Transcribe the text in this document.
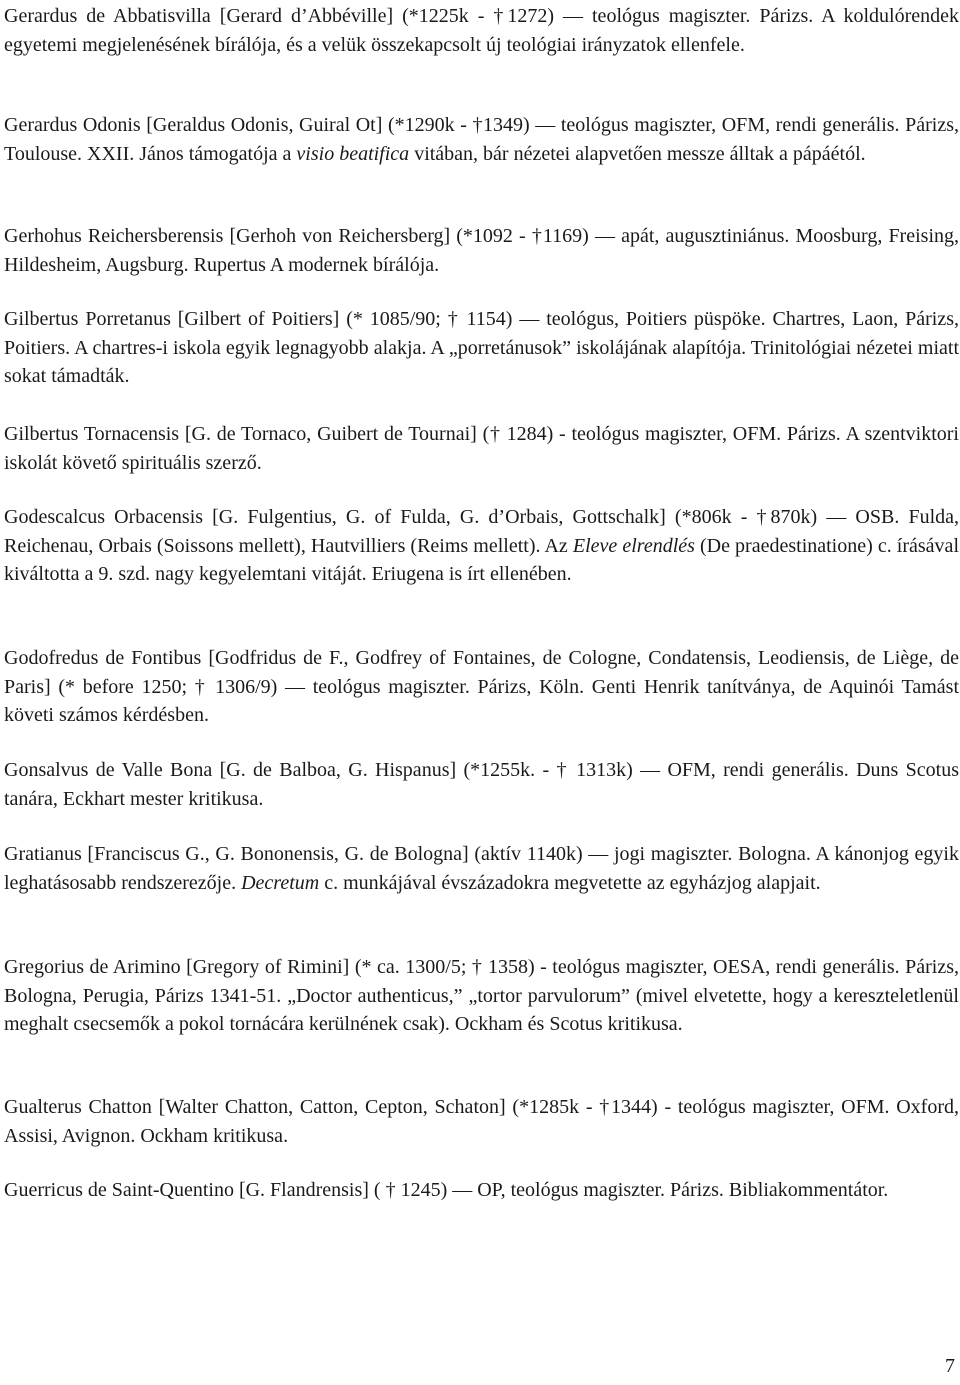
Gerardus de Abbatisvilla [Gerard d’Abbéville] (*1225k - †1272) — teológus magiszter. Párizs. A koldulórendek egyetemi megjelenésének bírálója, és a velük összekapcsolt új teológiai irányzatok ellenfele.

Gerardus Odonis [Geraldus Odonis, Guiral Ot] (*1290k - †1349) — teológus magiszter, OFM, rendi generális. Párizs, Toulouse. XXII. János támogatója a visio beatifica vitában, bár nézetei alapvetően messze álltak a pápáétól.

Gerhohus Reichersberensis [Gerhoh von Reichersberg] (*1092 - †1169) — apát, augusztiniánus. Moosburg, Freising, Hildesheim, Augsburg. Rupertus A modernek bírálója.

Gilbertus Porretanus [Gilbert of Poitiers] (* 1085/90; † 1154) — teológus, Poitiers püspöke. Chartres, Laon, Párizs, Poitiers. A chartres-i iskola egyik legnagyobb alakja. A „porretánusok” iskolájának alapítója. Trinitológiai nézetei miatt sokat támadták.

Gilbertus Tornacensis [G. de Tornaco, Guibert de Tournai] († 1284) - teológus magiszter, OFM. Párizs. A szentviktori iskolát követő spirituális szerző.

Godescalcus Orbacensis [G. Fulgentius, G. of Fulda, G. d’Orbais, Gottschalk] (*806k - †870k) — OSB. Fulda, Reichenau, Orbais (Soissons mellett), Hautvilliers (Reims mellett). Az Eleve elrendlés (De praedestinatione) c. írásával kiváltotta a 9. szd. nagy kegyelemtani vitáját. Eriugena is írt ellenében.

Godofredus de Fontibus [Godfridus de F., Godfrey of Fontaines, de Cologne, Condatensis, Leodiensis, de Liège, de Paris] (* before 1250; † 1306/9) — teológus magiszter. Párizs, Köln. Genti Henrik tanítványa, de Aquinói Tamást követi számos kérdésben.

Gonsalvus de Valle Bona [G. de Balboa, G. Hispanus] (*1255k. - † 1313k) — OFM, rendi generális. Duns Scotus tanára, Eckhart mester kritikusa.

Gratianus [Franciscus G., G. Bononensis, G. de Bologna] (aktív 1140k) — jogi magiszter. Bologna. A kánonjog egyik leghatásosabb rendszerezője. Decretum c. munkájával évszázadokra megvetette az egyházjog alapjait.

Gregorius de Arimino [Gregory of Rimini] (* ca. 1300/5; † 1358) - teológus magiszter, OESA, rendi generális. Párizs, Bologna, Perugia, Párizs 1341-51. „Doctor authenticus,” „tortor parvulorum” (mivel elvetette, hogy a kereszteletlenül meghalt csecsemők a pokol tornácára kerülnének csak). Ockham és Scotus kritikusa.

Gualterus Chatton [Walter Chatton, Catton, Cepton, Schaton] (*1285k - †1344) - teológus magiszter, OFM. Oxford, Assisi, Avignon. Ockham kritikusa.

Guerricus de Saint-Quentino [G. Flandrensis] ( † 1245) — OP, teológus magiszter. Párizs. Bibliakommentátor.

7
